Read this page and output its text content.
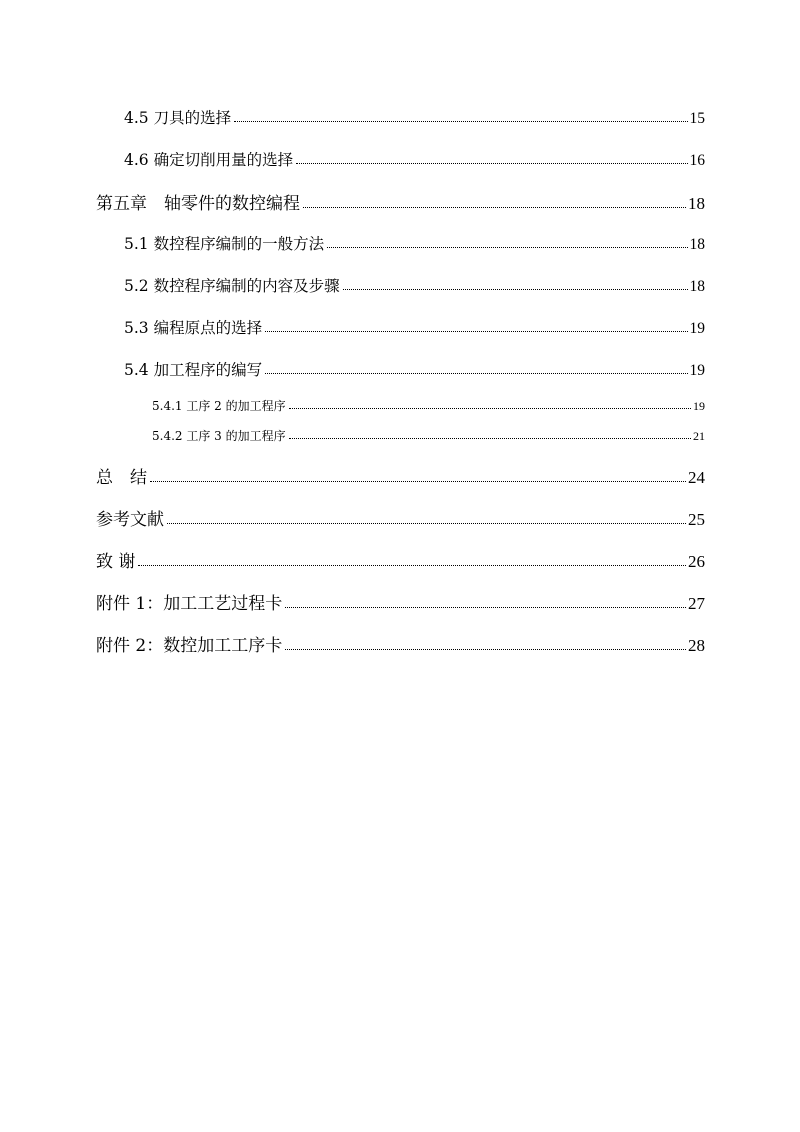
4.5 刀具的选择	15
4.6 确定切削用量的选择	16
第五章　轴零件的数控编程	18
5.1 数控程序编制的一般方法	18
5.2 数控程序编制的内容及步骤	18
5.3 编程原点的选择	19
5.4 加工程序的编写	19
5.4.1 工序 2 的加工程序	19
5.4.2 工序 3 的加工程序	21
总　结	24
参考文献	25
致 谢	26
附件 1：加工工艺过程卡	27
附件 2：数控加工工序卡	28
